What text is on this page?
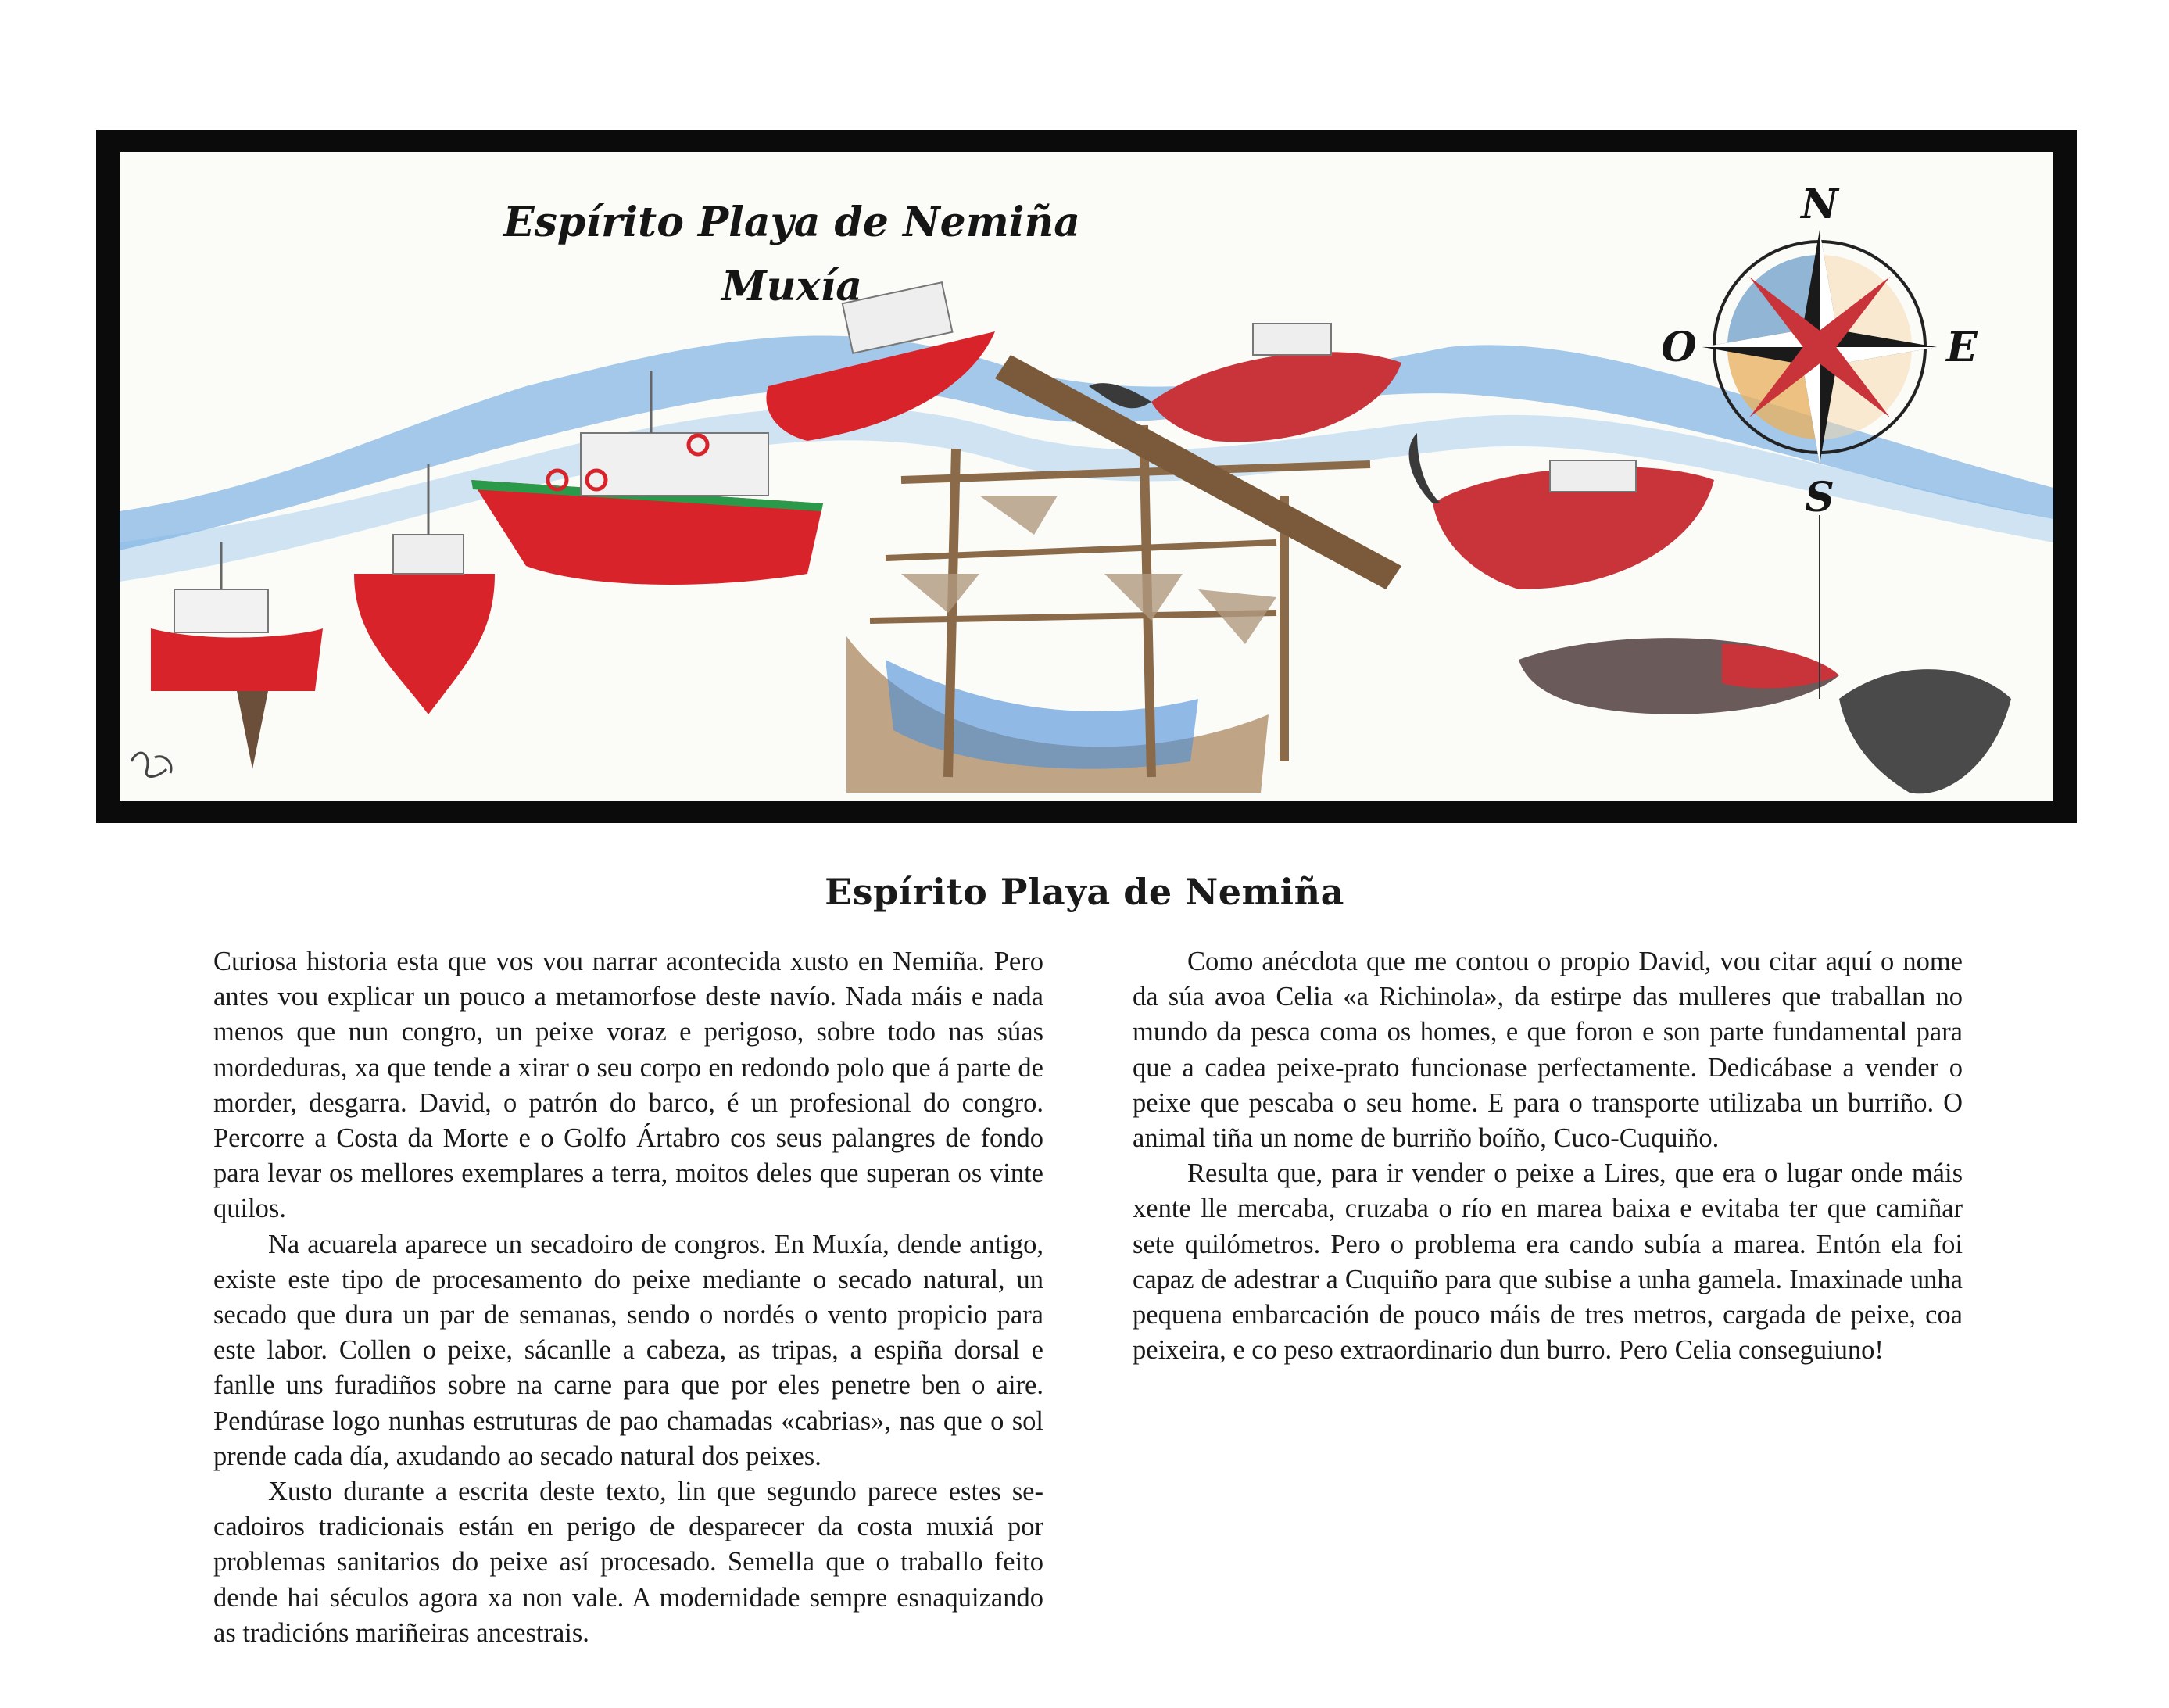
Espírito Playa de Nemiña
Muxía
N
O	E
S
Espírito Playa de Nemiña

Curiosa historia esta que vos vou narrar acontecida xusto en Nemiña. Pero antes vou explicar un pouco a metamorfose deste navío. Nada máis e nada menos que nun congro, un peixe voraz e perigoso, sobre todo nas súas mordeduras, xa que tende a xirar o seu corpo en redondo polo que á parte de morder, desgarra. David, o patrón do barco, é un profesional do congro. Percorre a Costa da Morte e o Golfo Ártabro cos seus palangres de fondo para levar os mellores exemplares a terra, moitos deles que superan os vinte quilos.

Na acuarela aparece un secadoiro de congros. En Muxía, dende antigo, existe este tipo de procesamento do peixe mediante o secado natural, un secado que dura un par de semanas, sendo o nordés o vento propicio para este labor. Collen o peixe, sácanlle a cabeza, as tripas, a espiña dorsal e fanlle uns furadiños sobre na carne para que por eles penetre ben o aire. Pendúrase logo nunhas estruturas de pao chamadas «cabrias», nas que o sol prende cada día, axudando ao secado natural dos peixes.

Xusto durante a escrita deste texto, lin que segundo parece estes secadoiros tradicionais están en perigo de desparecer da costa muxiá por problemas sanitarios do peixe así procesado. Semella que o traballo feito dende hai séculos agora xa non vale. A modernidade sempre esnaquizando as tradicións mariñeiras ancestrais.

Como anécdota que me contou o propio David, vou citar aquí o nome da súa avoa Celia «a Richinola», da estirpe das mulleres que traballan no mundo da pesca coma os homes, e que foron e son parte fundamental para que a cadea peixe-prato funcionase perfectamente. Dedicábase a vender o peixe que pescaba o seu home. E para o transporte utilizaba un burriño. O animal tiña un nome de burriño boíño, Cuco-Cuquiño.

Resulta que, para ir vender o peixe a Lires, que era o lugar onde máis xente lle mercaba, cruzaba o río en marea baixa e evitaba ter que camiñar sete quilómetros. Pero o problema era cando subía a marea. Entón ela foi capaz de adestrar a Cuquiño para que subise a unha gamela. Imaxinade unha pequena embarcación de pouco máis de tres metros, cargada de peixe, coa peixeira, e co peso extraordinario dun burro. Pero Celia conseguiuno!
